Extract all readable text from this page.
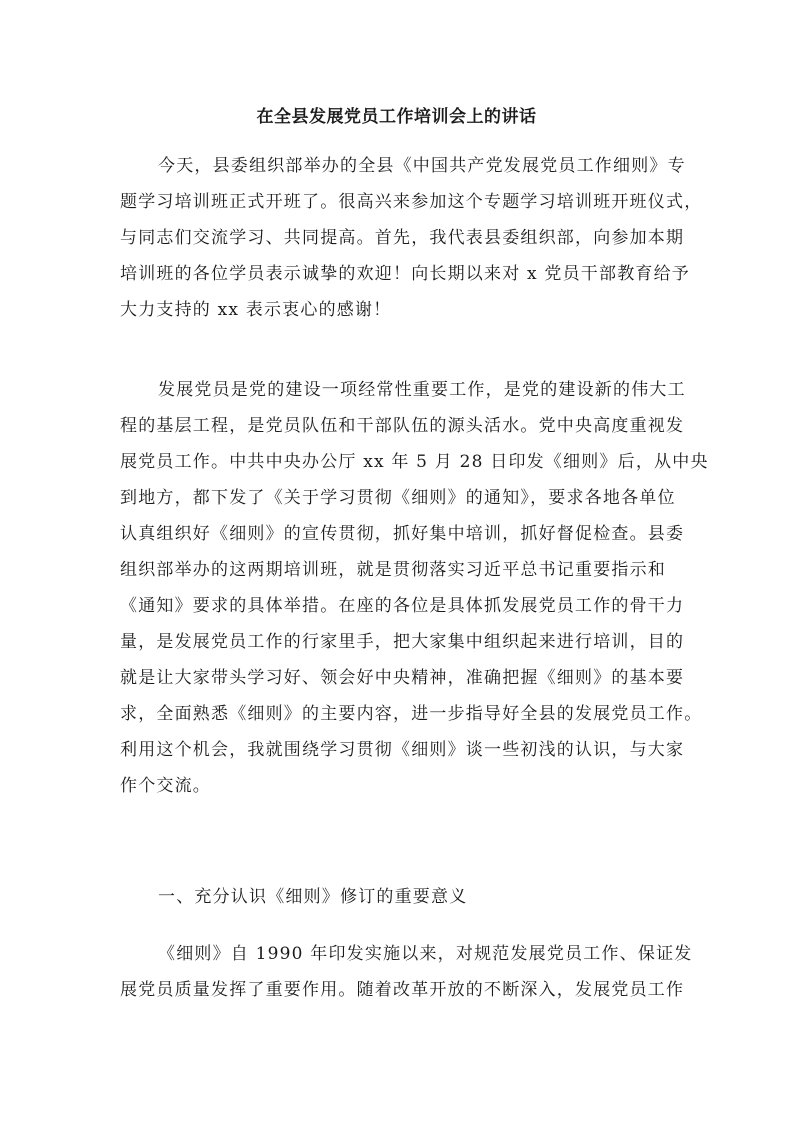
在全县发展党员工作培训会上的讲话
今天，县委组织部举办的全县《中国共产党发展党员工作细则》专
题学习培训班正式开班了。很高兴来参加这个专题学习培训班开班仪式，
与同志们交流学习、共同提高。首先，我代表县委组织部，向参加本期
培训班的各位学员表示诚挚的欢迎！向长期以来对 x 党员干部教育给予
大力支持的 xx 表示衷心的感谢！
发展党员是党的建设一项经常性重要工作，是党的建设新的伟大工
程的基层工程，是党员队伍和干部队伍的源头活水。党中央高度重视发
展党员工作。中共中央办公厅 xx 年 5 月 28 日印发《细则》后，从中央
到地方，都下发了《关于学习贯彻《细则》的通知》，要求各地各单位
认真组织好《细则》的宣传贯彻，抓好集中培训，抓好督促检查。县委
组织部举办的这两期培训班，就是贯彻落实习近平总书记重要指示和
《通知》要求的具体举措。在座的各位是具体抓发展党员工作的骨干力
量，是发展党员工作的行家里手，把大家集中组织起来进行培训，目的
就是让大家带头学习好、领会好中央精神，准确把握《细则》的基本要
求，全面熟悉《细则》的主要内容，进一步指导好全县的发展党员工作。
利用这个机会，我就围绕学习贯彻《细则》谈一些初浅的认识，与大家
作个交流。
一、充分认识《细则》修订的重要意义
《细则》自 1990 年印发实施以来，对规范发展党员工作、保证发
展党员质量发挥了重要作用。随着改革开放的不断深入，发展党员工作
